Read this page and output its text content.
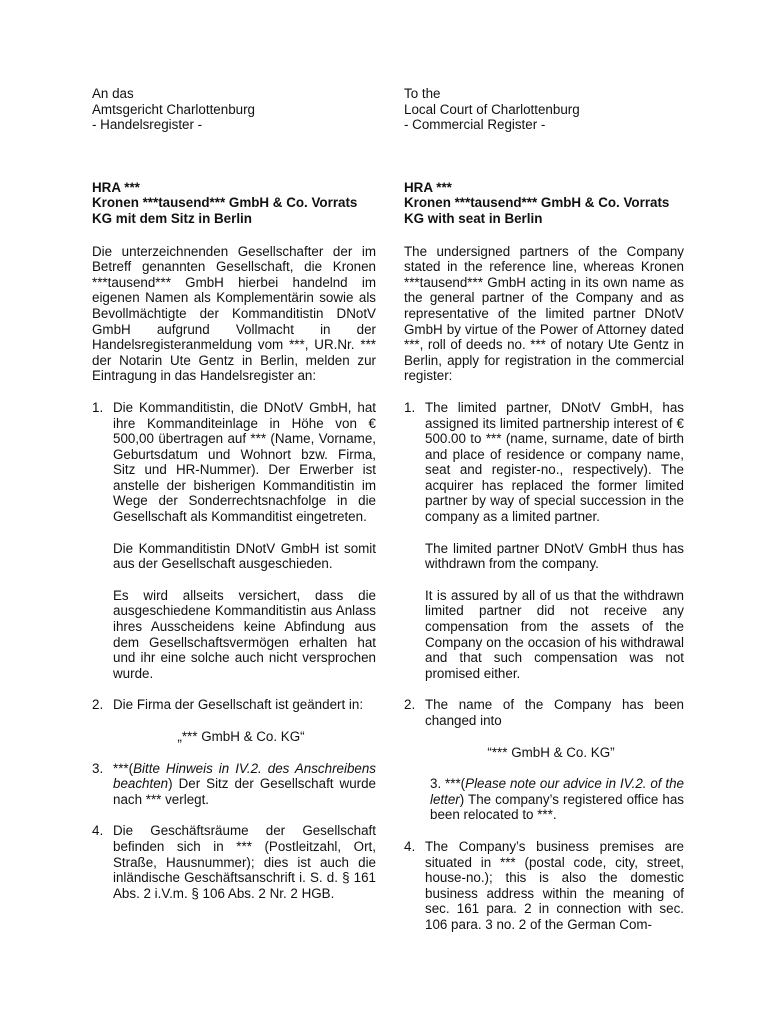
An das
Amtsgericht Charlottenburg
- Handelsregister -
HRA ***
Kronen ***tausend*** GmbH & Co. Vorrats KG mit dem Sitz in Berlin
Die unterzeichnenden Gesellschafter der im Betreff genannten Gesellschaft, die Kronen ***tausend*** GmbH hierbei handelnd im eigenen Namen als Komplementärin sowie als Bevollmächtigte der Kommanditistin DNotV GmbH aufgrund Vollmacht in der Handelsregisteranmeldung vom ***, UR.Nr. *** der Notarin Ute Gentz in Berlin, melden zur Eintragung in das Handelsregister an:
1. Die Kommanditistin, die DNotV GmbH, hat ihre Kommanditeinlage in Höhe von € 500,00 übertragen auf *** (Name, Vorname, Geburtsdatum und Wohnort bzw. Firma, Sitz und HR-Nummer). Der Erwerber ist anstelle der bisherigen Kommanditistin im Wege der Sonderrechtsnachfolge in die Gesellschaft als Kommanditist eingetreten.
Die Kommanditistin DNotV GmbH ist somit aus der Gesellschaft ausgeschieden.
Es wird allseits versichert, dass die ausgeschiedene Kommanditistin aus Anlass ihres Ausscheidens keine Abfindung aus dem Gesellschaftsvermögen erhalten hat und ihr eine solche auch nicht versprochen wurde.
2. Die Firma der Gesellschaft ist geändert in:
„*** GmbH & Co. KG“
3. ***(Bitte Hinweis in IV.2. des Anschreibens beachten) Der Sitz der Gesellschaft wurde nach *** verlegt.
4. Die Geschäftsräume der Gesellschaft befinden sich in *** (Postleitzahl, Ort, Straße, Hausnummer); dies ist auch die inländische Geschäftsanschrift i. S. d. § 161 Abs. 2 i.V.m. § 106 Abs. 2 Nr. 2 HGB.
To the
Local Court of Charlottenburg
- Commercial Register -
HRA ***
Kronen ***tausend*** GmbH & Co. Vorrats KG with seat in Berlin
The undersigned partners of the Company stated in the reference line, whereas Kronen ***tausend*** GmbH acting in its own name as the general partner of the Company and as representative of the limited partner DNotV GmbH by virtue of the Power of Attorney dated ***, roll of deeds no. *** of notary Ute Gentz in Berlin, apply for registration in the commercial register:
1. The limited partner, DNotV GmbH, has assigned its limited partnership interest of € 500.00 to *** (name, surname, date of birth and place of residence or company name, seat and register-no., respectively). The acquirer has replaced the former limited partner by way of special succession in the company as a limited partner.
The limited partner DNotV GmbH thus has withdrawn from the company.
It is assured by all of us that the withdrawn limited partner did not receive any compensation from the assets of the Company on the occasion of his withdrawal and that such compensation was not promised either.
2. The name of the Company has been changed into
“*** GmbH & Co. KG”
3. ***(Please note our advice in IV.2. of the letter) The company’s registered office has been relocated to ***.
4. The Company’s business premises are situated in *** (postal code, city, street, house-no.); this is also the domestic business address within the meaning of sec. 161 para. 2 in connection with sec. 106 para. 3 no. 2 of the German Com-
